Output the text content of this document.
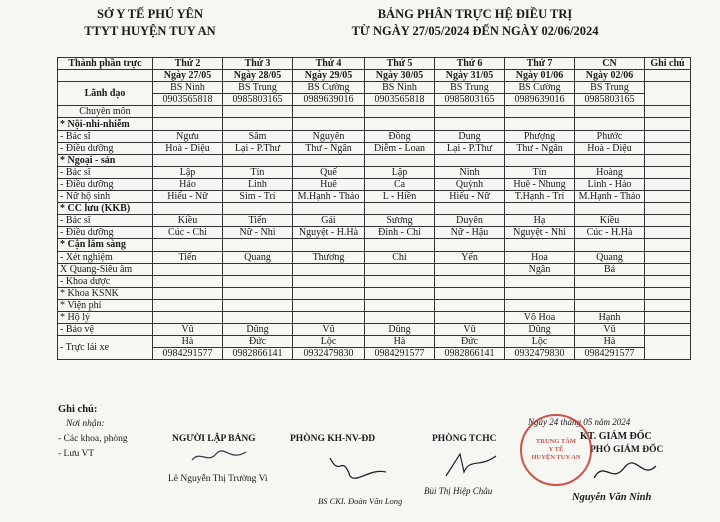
SỞ Y TẾ PHÚ YÊN
TTYT HUYỆN TUY AN
BẢNG PHÂN TRỰC HỆ ĐIỀU TRỊ
TỪ NGÀY 27/05/2024 ĐẾN NGÀY 02/06/2024
Thành phần trực	Thứ 2	Thứ 3	Thứ 4	Thứ 5	Thứ 6	Thứ 7	CN	Ghi chú
	Ngày 27/05	Ngày 28/05	Ngày 29/05	Ngày 30/05	Ngày 31/05	Ngày 01/06	Ngày 02/06	
Lãnh đạo	BS Ninh	BS Trung	BS Cường	BS Ninh	BS Trung	BS Cường	BS Trung	
	0903565818	0985803165	0989639016	0903565818	0985803165	0989639016	0985803165	
Chuyên môn								
* Nội-nhi-nhiễm								
- Bác sĩ	Ngưu	Sâm	Nguyên	Đồng	Dung	Phượng	Phước	
- Điều dưỡng	Hoà - Diệu	Lại - P.Thư	Thư - Ngân	Diễm - Loan	Lại - P.Thư	Thư - Ngân	Hoà - Diệu	
* Ngoại - sản								
- Bác sĩ	Lập	Tín	Quế	Lập	Ninh	Tín	Hoàng	
- Điều dưỡng	Hảo	Linh	Huê	Ca	Quỳnh	Huê - Nhung	Linh - Hảo	
- Nữ hộ sinh	Hiếu - Nữ	Sim - Trí	M.Hạnh - Thảo	L - Hiền	Hiếu - Nữ	T.Hạnh - Trí	M.Hạnh - Thảo	
* CC lưu (KKB)								
- Bác sĩ	Kiều	Tiến	Gái	Sương	Duyên	Hạ	Kiều	
- Điều dưỡng	Cúc - Chi	Nữ - Nhi	Nguyệt - H.Hà	Đinh - Chi	Nữ - Hậu	Nguyệt - Nhi	Cúc - H.Hà	
* Cận lâm sàng								
- Xét nghiệm	Tiến	Quang	Thương	Chi	Yến	Hoa	Quang	
X Quang-Siêu âm						Ngân	Bá	
- Khoa dược								
* Khoa KSNK								
* Viện phí								
* Hộ lý						Võ Hoa	Hạnh	
- Bảo vệ	Vũ	Dũng	Vũ	Dũng	Vũ	Dũng	Vũ	
- Trực lái xe	Hà	Đức	Lộc	Hà	Đức	Lộc	Hà	
	0984291577	0982866141	0932479830	0984291577	0982866141	0932479830	0984291577	
Ghi chú:
Nơi nhận:
- Các khoa, phòng
- Lưu VT
NGƯỜI LẬP BẢNG
Lê Nguyễn Thị Trường Vi
PHÒNG KH-NV-ĐD
BS CKI. Đoàn Văn Long
PHÒNG TCHC
Bùi Thị Hiệp Châu
Ngày 24 tháng 05 năm 2024
KT. GIÁM ĐỐC
PHÓ GIÁM ĐỐC
TRUNG TÂM
Y TẾ
HUYỆN TUY AN
Nguyễn Văn Ninh
